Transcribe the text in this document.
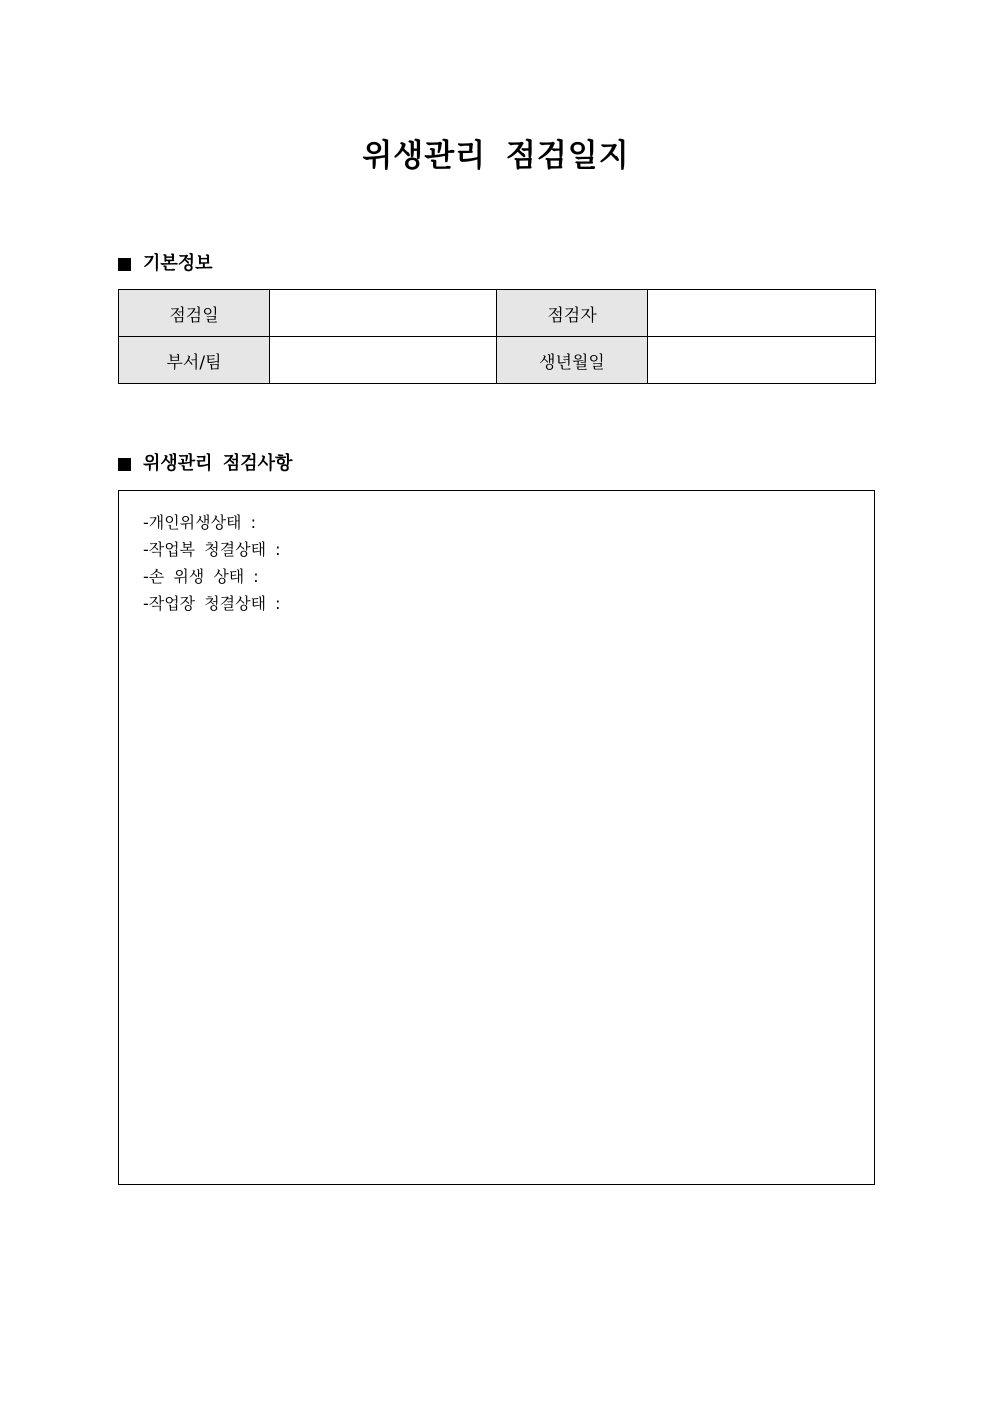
위생관리 점검일지
기본정보
점검일		점검자	
부서/팀		생년월일	
위생관리 점검사항
-개인위생상태 :
-작업복 청결상태 :
-손 위생 상태 :
-작업장 청결상태 :
